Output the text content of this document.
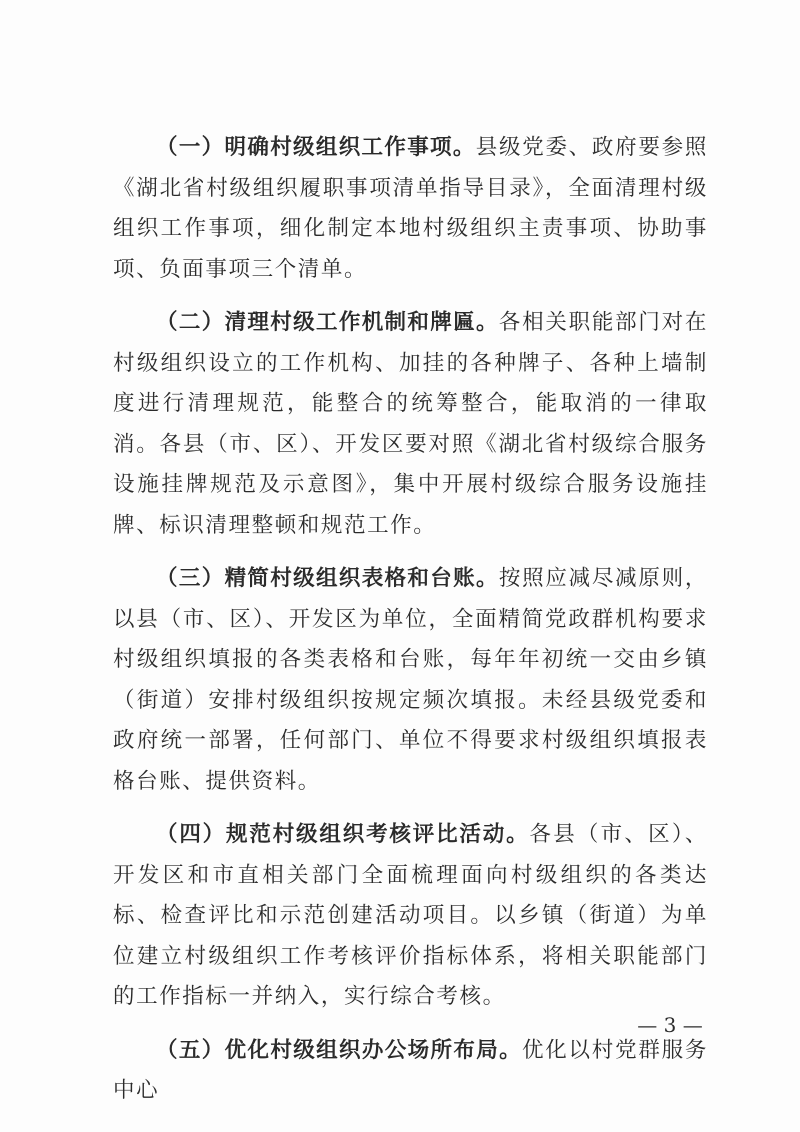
（一）明确村级组织工作事项。县级党委、政府要参照《湖北省村级组织履职事项清单指导目录》，全面清理村级组织工作事项，细化制定本地村级组织主责事项、协助事项、负面事项三个清单。

（二）清理村级工作机制和牌匾。各相关职能部门对在村级组织设立的工作机构、加挂的各种牌子、各种上墙制度进行清理规范，能整合的统筹整合，能取消的一律取消。各县（市、区）、开发区要对照《湖北省村级综合服务设施挂牌规范及示意图》，集中开展村级综合服务设施挂牌、标识清理整顿和规范工作。

（三）精简村级组织表格和台账。按照应减尽减原则，以县（市、区）、开发区为单位，全面精简党政群机构要求村级组织填报的各类表格和台账，每年年初统一交由乡镇（街道）安排村级组织按规定频次填报。未经县级党委和政府统一部署，任何部门、单位不得要求村级组织填报表格台账、提供资料。

（四）规范村级组织考核评比活动。各县（市、区）、开发区和市直相关部门全面梳理面向村级组织的各类达标、检查评比和示范创建活动项目。以乡镇（街道）为单位建立村级组织工作考核评价指标体系，将相关职能部门的工作指标一并纳入，实行综合考核。

（五）优化村级组织办公场所布局。优化以村党群服务中心

— 3 —
